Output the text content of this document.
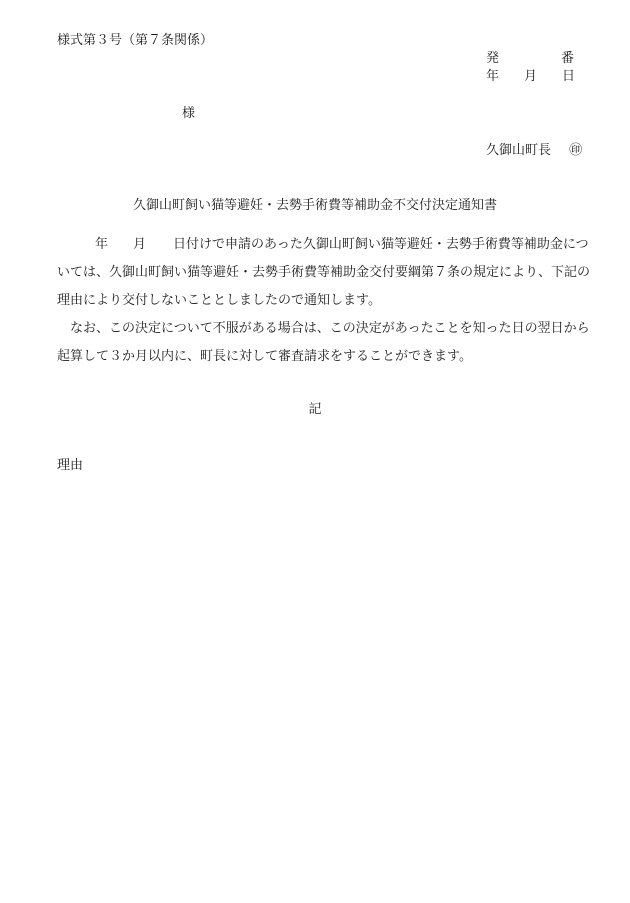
様式第３号（第７条関係）
発	番
年 月 日
様
久御山町長 ㊞
久御山町飼い猫等避妊・去勢手術費等補助金不交付決定通知書
年 月 日付けで申請のあった久御山町飼い猫等避妊・去勢手術費等補助金につ
いては、久御山町飼い猫等避妊・去勢手術費等補助金交付要綱第７条の規定により、下記の
理由により交付しないこととしましたので通知します。
なお、この決定について不服がある場合は、この決定があったことを知った日の翌日から
起算して３か月以内に、町長に対して審査請求をすることができます。
記
理由
